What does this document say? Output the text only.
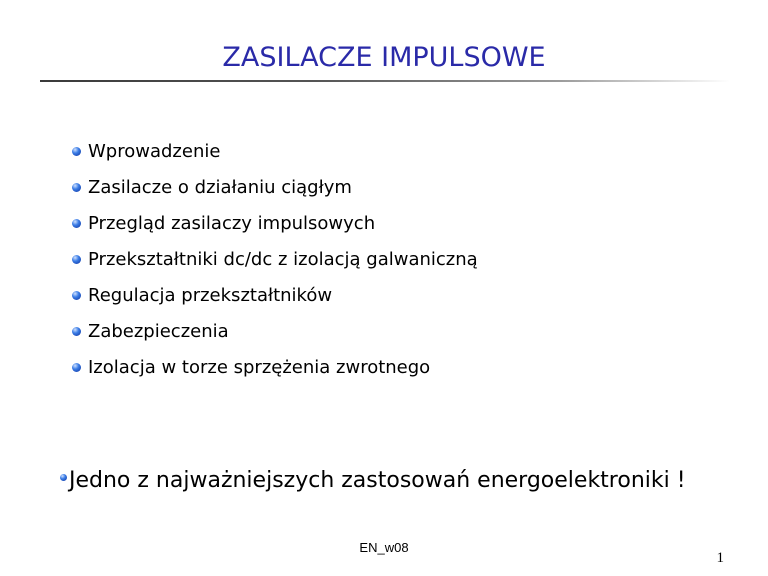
ZASILACZE IMPULSOWE
Wprowadzenie
Zasilacze o działaniu ciągłym
Przegląd zasilaczy impulsowych
Przekształtniki dc/dc z izolacją galwaniczną
Regulacja przekształtników
Zabezpieczenia
Izolacja w torze sprzężenia zwrotnego
Jedno z najważniejszych zastosowań energoelektroniki !
EN_w08
1
